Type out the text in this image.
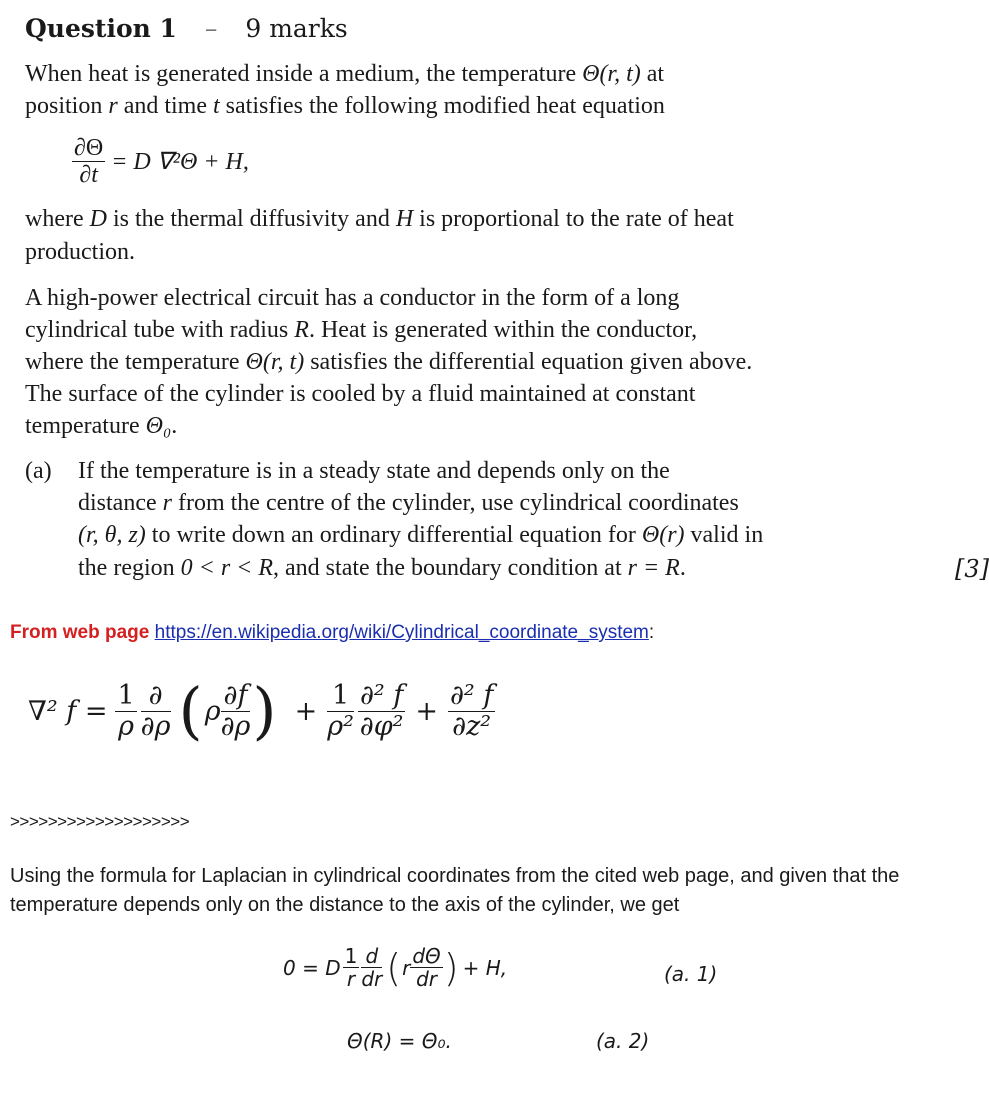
Question 1 – 9 marks
When heat is generated inside a medium, the temperature Θ(r, t) at
position r and time t satisfies the following modified heat equation
$\frac{\partial\Theta}{\partial t} = D$ ∇²Θ + H,
where D is the thermal diffusivity and H is proportional to the rate of heat
production.
A high-power electrical circuit has a conductor in the form of a long
cylindrical tube with radius R. Heat is generated within the conductor,
where the temperature Θ(r, t) satisfies the differential equation given above.
The surface of the cylinder is cooled by a fluid maintained at constant
temperature Θ₀.
(a) If the temperature is in a steady state and depends only on the
distance r from the centre of the cylinder, use cylindrical coordinates
(r, θ, z) to write down an ordinary differential equation for Θ(r) valid in
the region 0 < r < R, and state the boundary condition at r = R.	[3]
From web page https://en.wikipedia.org/wiki/Cylindrical_coordinate_system:
∇² $f = \frac{1}{\rho} \frac{\partial}{\partial\rho}$ ( ρ $\frac{\partial f}{\partial\rho}$ ) + $\frac{1}{\text{ρ²}} \frac{\text{∂² f}}{\text{∂φ²}} + \frac{\text{∂² f}}{\text{∂z²}}$
>>>>>>>>>>>>>>>>>>>
Using the formula for Laplacian in cylindrical coordinates from the cited web page, and given that the
temperature depends only on the distance to the axis of the cylinder, we get
0 = D $\frac{1}{r} \frac{d}{dr}$ ( r $\frac{d\Theta}{dr}$ ) + H,	(a. 1)
Θ(R) = Θ₀.	(a. 2)
